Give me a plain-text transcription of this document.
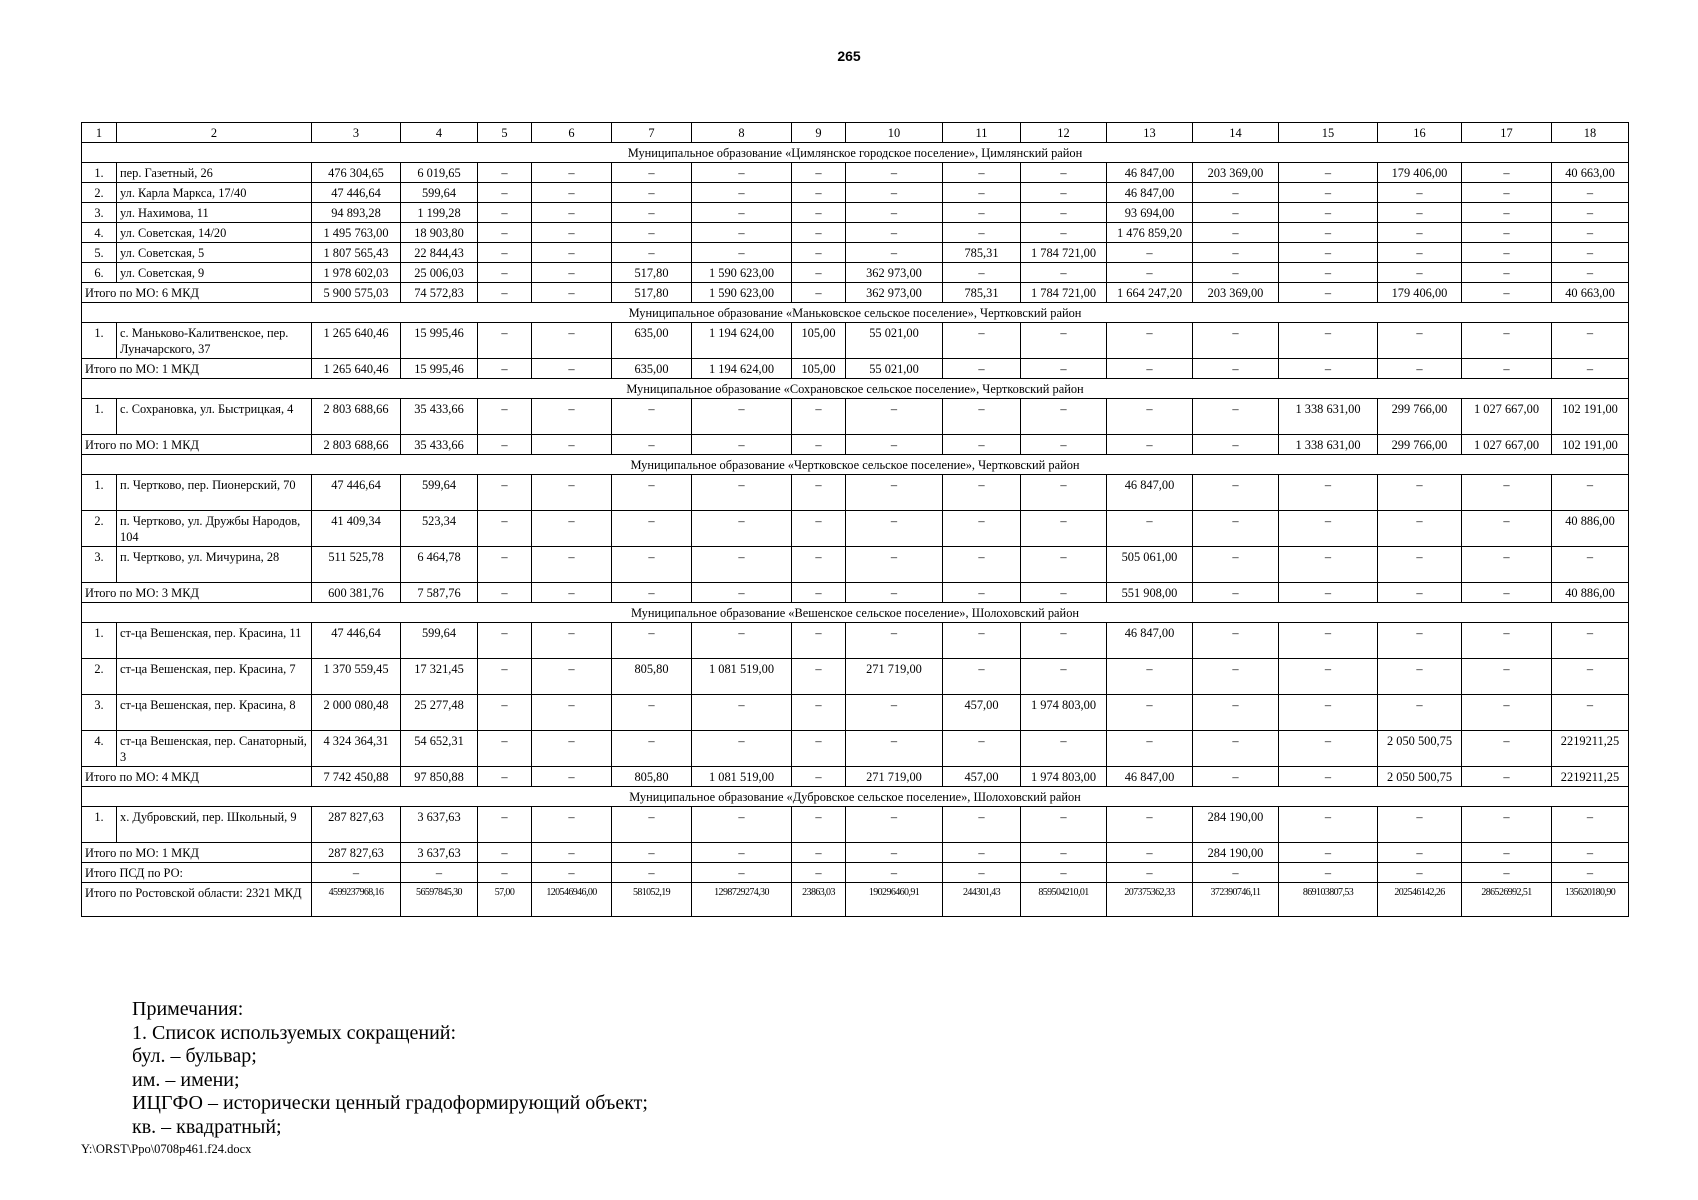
265
1	2	3	4	5	6	7	8	9	10	11	12	13	14	15	16	17	18
Муниципальное образование «Цимлянское городское поселение», Цимлянский район																	
1.	пер. Газетный, 26	476 304,65	6 019,65	–	–	–	–	–	–	–	–	46 847,00	203 369,00	–	179 406,00	–	40 663,00
2.	ул. Карла Маркса, 17/40	47 446,64	599,64	–	–	–	–	–	–	–	–	46 847,00	–	–	–	–	–
3.	ул. Нахимова, 11	94 893,28	1 199,28	–	–	–	–	–	–	–	–	93 694,00	–	–	–	–	–
4.	ул. Советская, 14/20	1 495 763,00	18 903,80	–	–	–	–	–	–	–	–	1 476 859,20	–	–	–	–	–
5.	ул. Советская, 5	1 807 565,43	22 844,43	–	–	–	–	–	–	785,31	1 784 721,00	–	–	–	–	–	–
6.	ул. Советская, 9	1 978 602,03	25 006,03	–	–	517,80	1 590 623,00	–	362 973,00	–	–	–	–	–	–	–	–
Итого по МО: 6 МКД		5 900 575,03	74 572,83	–	–	517,80	1 590 623,00	–	362 973,00	785,31	1 784 721,00	1 664 247,20	203 369,00	–	179 406,00	–	40 663,00
Муниципальное образование «Маньковское сельское поселение», Чертковский район																	
1.	с. Маньково-Калитвенское, пер. Луначарского, 37	1 265 640,46	15 995,46	–	–	635,00	1 194 624,00	105,00	55 021,00	–	–	–	–	–	–	–	–
Итого по МО: 1 МКД		1 265 640,46	15 995,46	–	–	635,00	1 194 624,00	105,00	55 021,00	–	–	–	–	–	–	–	–
Муниципальное образование «Сохрановское сельское поселение», Чертковский район																	
1.	с. Сохрановка, ул. Быстрицкая, 4	2 803 688,66	35 433,66	–	–	–	–	–	–	–	–	–	–	1 338 631,00	299 766,00	1 027 667,00	102 191,00
Итого по МО: 1 МКД		2 803 688,66	35 433,66	–	–	–	–	–	–	–	–	–	–	1 338 631,00	299 766,00	1 027 667,00	102 191,00
Муниципальное образование «Чертковское сельское поселение», Чертковский район																	
1.	п. Чертково, пер. Пионерский, 70	47 446,64	599,64	–	–	–	–	–	–	–	–	46 847,00	–	–	–	–	–
2.	п. Чертково, ул. Дружбы Народов, 104	41 409,34	523,34	–	–	–	–	–	–	–	–	–	–	–	–	–	40 886,00
3.	п. Чертково, ул. Мичурина, 28	511 525,78	6 464,78	–	–	–	–	–	–	–	–	505 061,00	–	–	–	–	–
Итого по МО: 3 МКД		600 381,76	7 587,76	–	–	–	–	–	–	–	–	551 908,00	–	–	–	–	40 886,00
Муниципальное образование «Вешенское сельское поселение», Шолоховский район																	
1.	ст-ца Вешенская, пер. Красина, 11	47 446,64	599,64	–	–	–	–	–	–	–	–	46 847,00	–	–	–	–	–
2.	ст-ца Вешенская, пер. Красина, 7	1 370 559,45	17 321,45	–	–	805,80	1 081 519,00	–	271 719,00	–	–	–	–	–	–	–	–
3.	ст-ца Вешенская, пер. Красина, 8	2 000 080,48	25 277,48	–	–	–	–	–	–	457,00	1 974 803,00	–	–	–	–	–	–
4.	ст-ца Вешенская, пер. Санаторный, 3	4 324 364,31	54 652,31	–	–	–	–	–	–	–	–	–	–	–	2 050 500,75	–	2219211,25
Итого по МО: 4 МКД		7 742 450,88	97 850,88	–	–	805,80	1 081 519,00	–	271 719,00	457,00	1 974 803,00	46 847,00	–	–	2 050 500,75	–	2219211,25
Муниципальное образование «Дубровское сельское поселение», Шолоховский район																	
1.	х. Дубровский, пер. Школьный, 9	287 827,63	3 637,63	–	–	–	–	–	–	–	–	–	284 190,00	–	–	–	–
Итого по МО: 1 МКД		287 827,63	3 637,63	–	–	–	–	–	–	–	–	–	284 190,00	–	–	–	–
Итого ПСД по РО:		–	–	–	–	–	–	–	–	–	–	–	–	–	–	–	–
Итого по Ростовской области: 2321 МКД		4599237968,16	56597845,30	57,00	120546946,00	581052,19	1298729274,30	23863,03	190296460,91	244301,43	859504210,01	207375362,33	372390746,11	869103807,53	202546142,26	286526992,51	135620180,90
Примечания:
1. Список используемых сокращений:
бул. – бульвар;
им. – имени;
ИЦГФО – исторически ценный градоформирующий объект;
кв. – квадратный;
Y:\ORST\Ppo\0708p461.f24.docx
